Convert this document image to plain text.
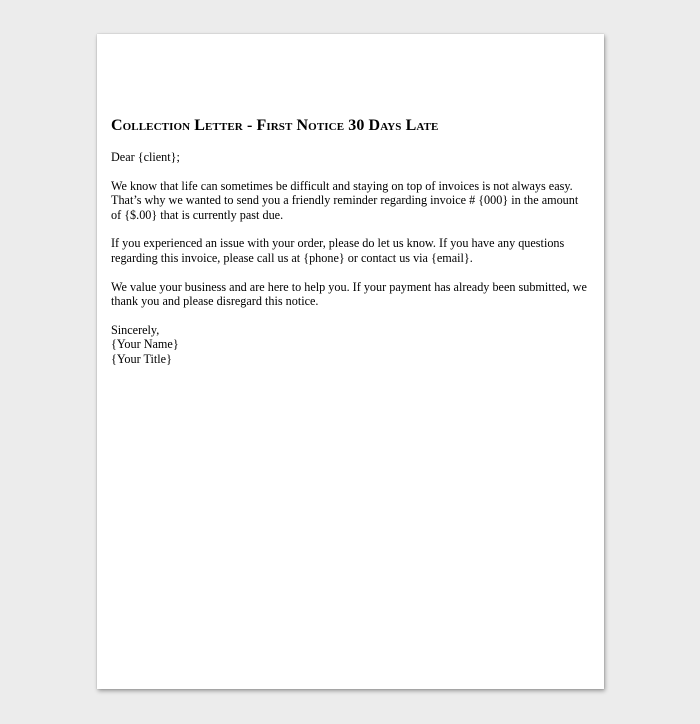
Collection Letter - First Notice 30 Days Late
Dear {client};
We know that life can sometimes be difficult and staying on top of invoices is not always easy. That’s why we wanted to send you a friendly reminder regarding invoice # {000} in the amount of {$.00} that is currently past due.
If you experienced an issue with your order, please do let us know. If you have any questions regarding this invoice, please call us at {phone} or contact us via {email}.
We value your business and are here to help you. If your payment has already been submitted, we thank you and please disregard this notice.
Sincerely,
{Your Name}
{Your Title}
